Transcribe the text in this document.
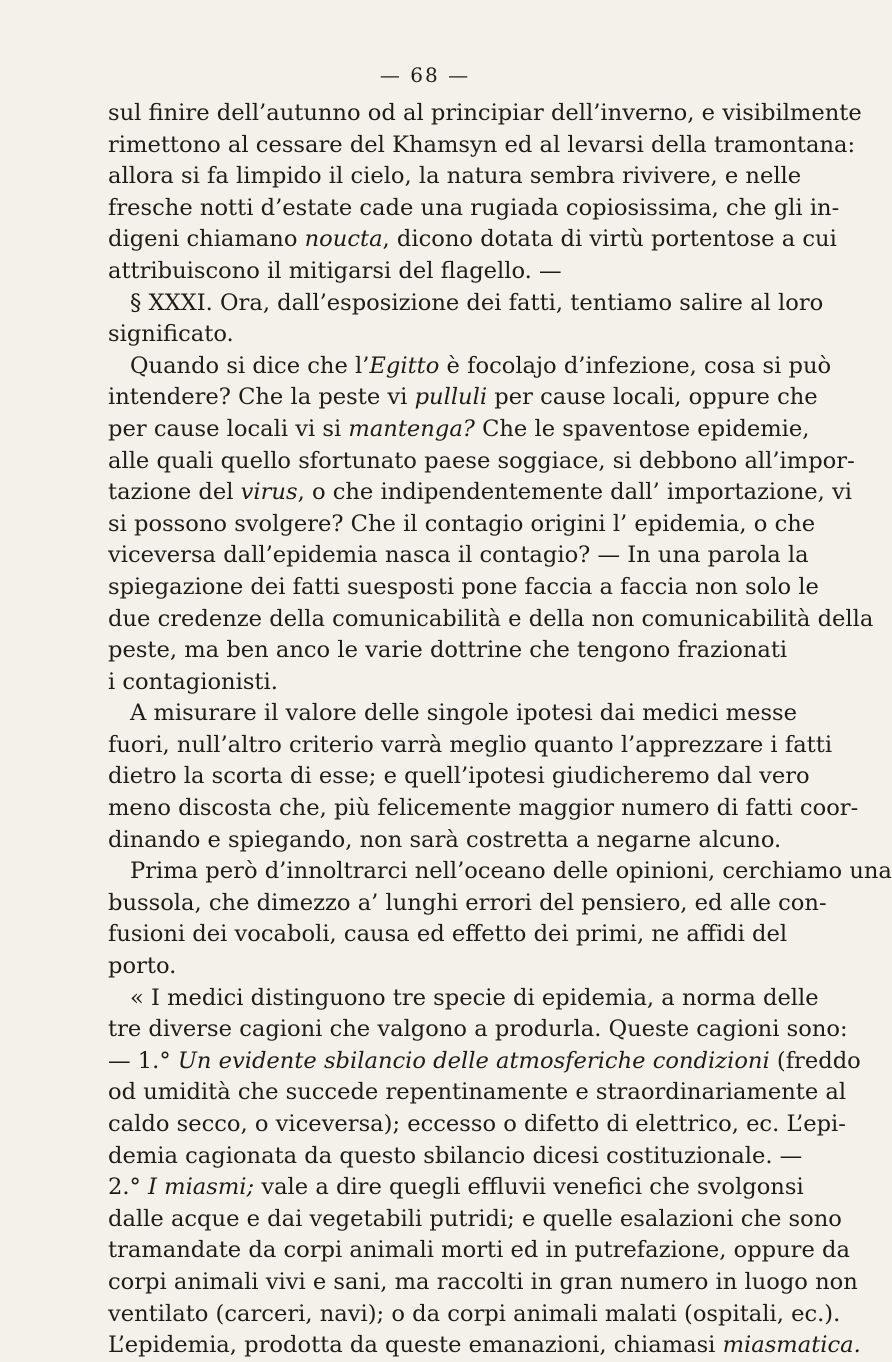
— 68 —
sul finire dell’autunno od al principiar dell’inverno, e visibilmente
rimettono al cessare del Khamsyn ed al levarsi della tramontana:
allora si fa limpido il cielo, la natura sembra rivivere, e nelle
fresche notti d’estate cade una rugiada copiosissima, che gli in-
digeni chiamano noucta, dicono dotata di virtù portentose a cui
attribuiscono il mitigarsi del flagello. —
§ XXXI. Ora, dall’esposizione dei fatti, tentiamo salire al loro
significato.
Quando si dice che l’Egitto è focolajo d’infezione, cosa si può
intendere? Che la peste vi pulluli per cause locali, oppure che
per cause locali vi si mantenga? Che le spaventose epidemie,
alle quali quello sfortunato paese soggiace, si debbono all’impor-
tazione del virus, o che indipendentemente dall’ importazione, vi
si possono svolgere? Che il contagio origini l’ epidemia, o che
viceversa dall’epidemia nasca il contagio? — In una parola la
spiegazione dei fatti suesposti pone faccia a faccia non solo le
due credenze della comunicabilità e della non comunicabilità della
peste, ma ben anco le varie dottrine che tengono frazionati
i contagionisti.
A misurare il valore delle singole ipotesi dai medici messe
fuori, null’altro criterio varrà meglio quanto l’apprezzare i fatti
dietro la scorta di esse; e quell’ipotesi giudicheremo dal vero
meno discosta che, più felicemente maggior numero di fatti coor-
dinando e spiegando, non sarà costretta a negarne alcuno.
Prima però d’innoltrarci nell’oceano delle opinioni, cerchiamo una
bussola, che dimezzo a’ lunghi errori del pensiero, ed alle con-
fusioni dei vocaboli, causa ed effetto dei primi, ne affidi del
porto.
« I medici distinguono tre specie di epidemia, a norma delle
tre diverse cagioni che valgono a produrla. Queste cagioni sono:
— 1.° Un evidente sbilancio delle atmosferiche condizioni (freddo
od umidità che succede repentinamente e straordinariamente al
caldo secco, o viceversa); eccesso o difetto di elettrico, ec. L’epi-
demia cagionata da questo sbilancio dicesi costituzionale. —
2.° I miasmi; vale a dire quegli effluvii venefici che svolgonsi
dalle acque e dai vegetabili putridi; e quelle esalazioni che sono
tramandate da corpi animali morti ed in putrefazione, oppure da
corpi animali vivi e sani, ma raccolti in gran numero in luogo non
ventilato (carceri, navi); o da corpi animali malati (ospitali, ec.).
L’epidemia, prodotta da queste emanazioni, chiamasi miasmatica.
